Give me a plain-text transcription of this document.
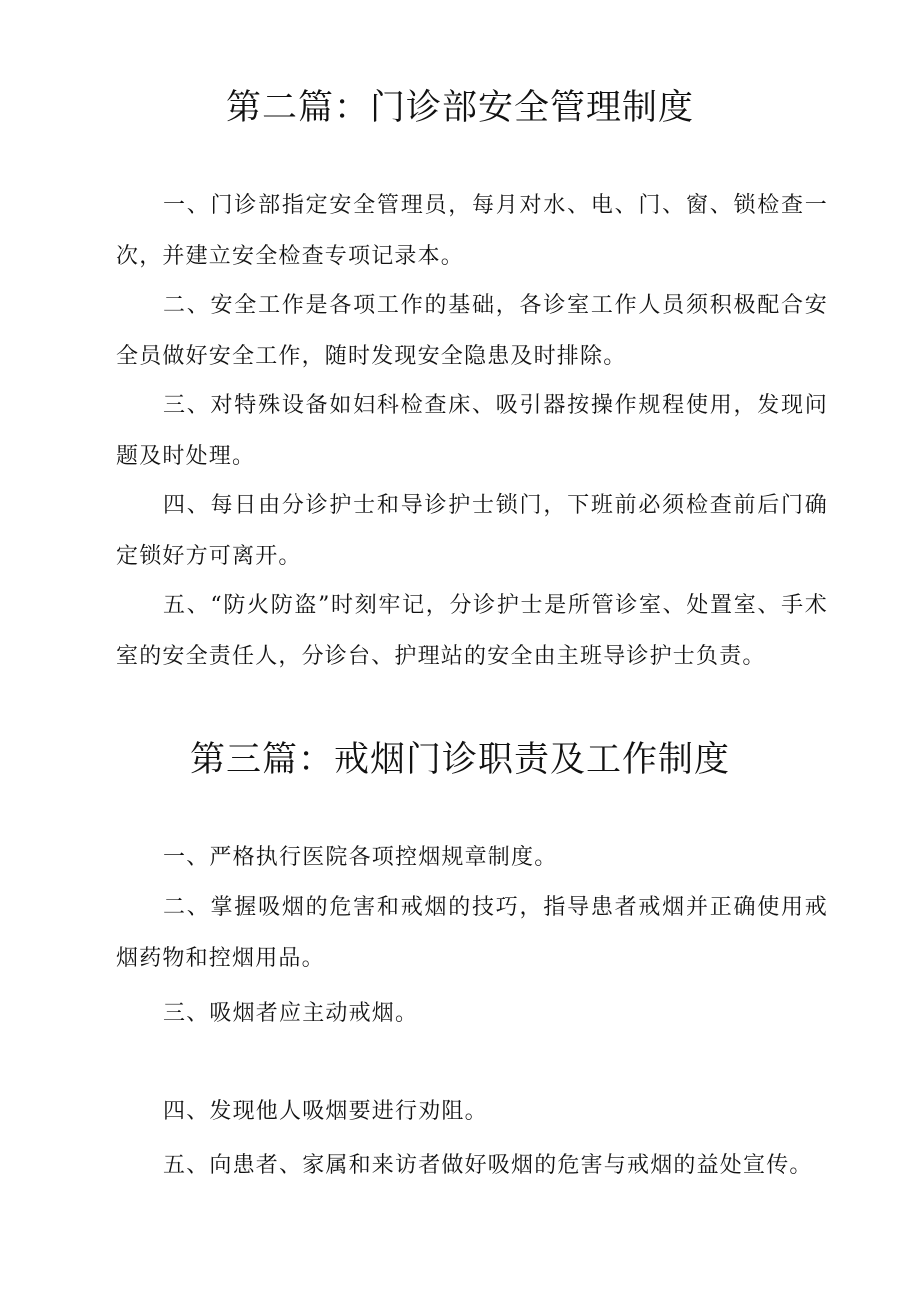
第二篇：门诊部安全管理制度

一、门诊部指定安全管理员，每月对水、电、门、窗、锁检查一次，并建立安全检查专项记录本。

二、安全工作是各项工作的基础，各诊室工作人员须积极配合安全员做好安全工作，随时发现安全隐患及时排除。

三、对特殊设备如妇科检查床、吸引器按操作规程使用，发现问题及时处理。

四、每日由分诊护士和导诊护士锁门，下班前必须检查前后门确定锁好方可离开。

五、“防火防盗”时刻牢记，分诊护士是所管诊室、处置室、手术室的安全责任人，分诊台、护理站的安全由主班导诊护士负责。

第三篇：戒烟门诊职责及工作制度

一、严格执行医院各项控烟规章制度。

二、掌握吸烟的危害和戒烟的技巧，指导患者戒烟并正确使用戒烟药物和控烟用品。

三、吸烟者应主动戒烟。

四、发现他人吸烟要进行劝阻。

五、向患者、家属和来访者做好吸烟的危害与戒烟的益处宣传。
